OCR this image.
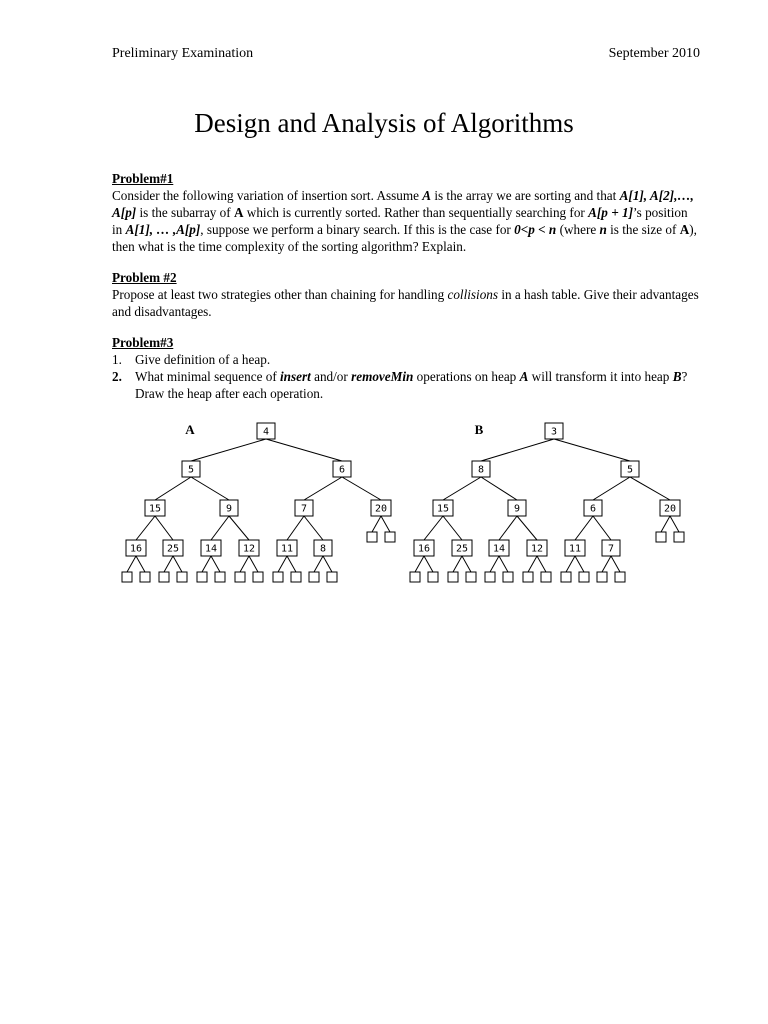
Preliminary Examination	September 2010
Design and Analysis of Algorithms
Problem#1

Consider the following variation of insertion sort. Assume A is the array we are sorting and that A[1], A[2],…, A[p] is the subarray of A which is currently sorted. Rather than sequentially searching for A[p + 1]’s position in A[1], … ,A[p], suppose we perform a binary search. If this is the case for 0<p < n (where n is the size of A), then what is the time complexity of the sorting algorithm? Explain.

Problem #2

Propose at least two strategies other than chaining for handling collisions in a hash table. Give their advantages and disadvantages.

Problem#3
1. Give definition of a heap.
2. What minimal sequence of insert and/or removeMin operations on heap A will transform it into heap B? Draw the heap after each operation.
A	4
5	6
15	9	7	20
16 25	14	12	11	8
B	3
8	5
15	9	6	20
16	25 14	12	11	7
